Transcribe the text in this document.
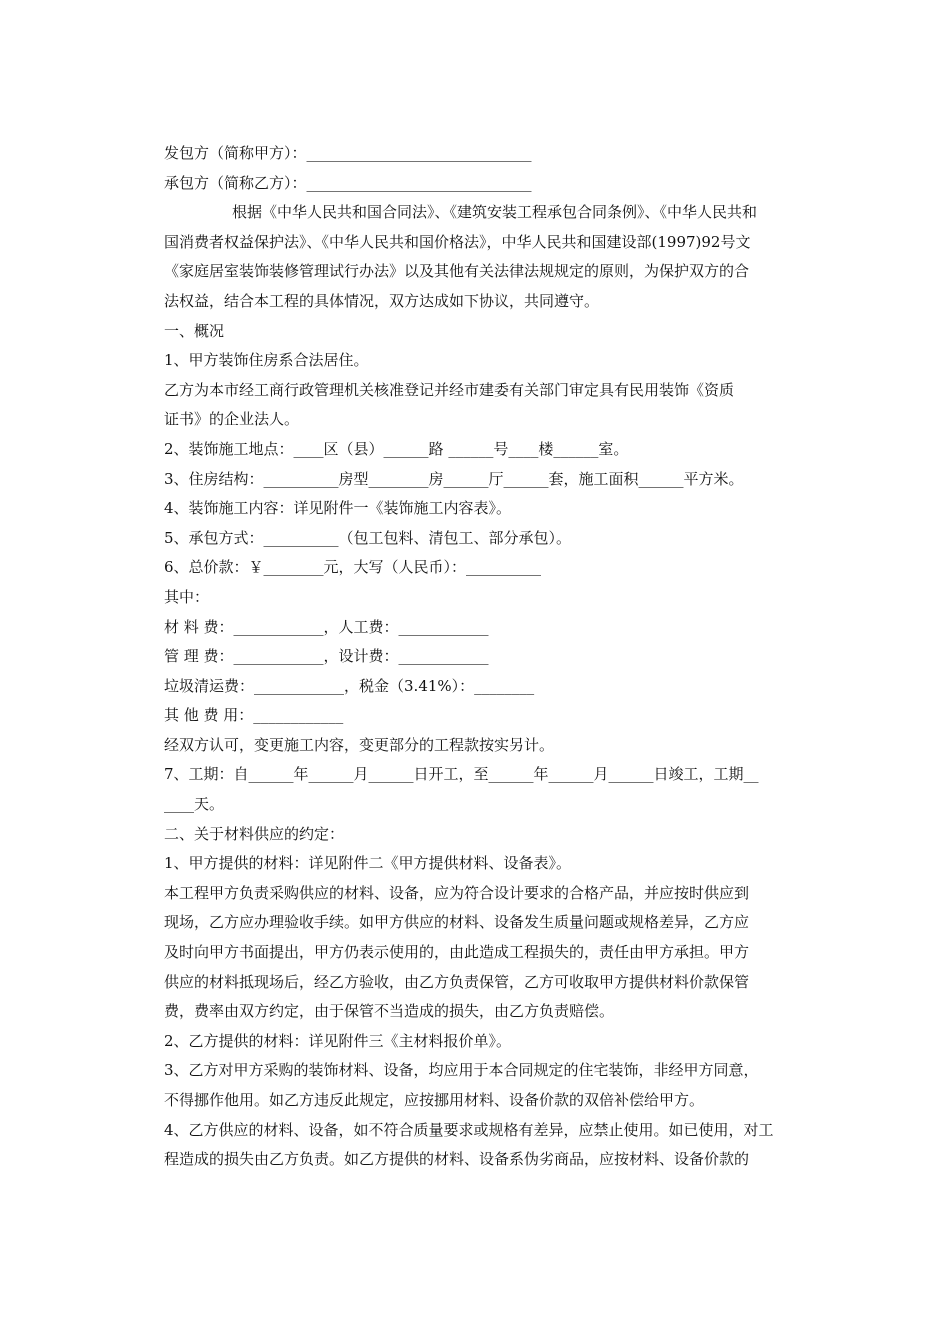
发包方（简称甲方）：______________________________
承包方（简称乙方）：______________________________
根据《中华人民共和国合同法》、《建筑安装工程承包合同条例》、《中华人民共和
国消费者权益保护法》、《中华人民共和国价格法》，中华人民共和国建设部(1997)92号文
《家庭居室装饰装修管理试行办法》以及其他有关法律法规规定的原则，为保护双方的合
法权益，结合本工程的具体情况，双方达成如下协议，共同遵守。
一、概况
1、甲方装饰住房系合法居住。
乙方为本市经工商行政管理机关核准登记并经市建委有关部门审定具有民用装饰《资质
证书》的企业法人。
2、装饰施工地点：____区（县）______路 ______号____楼______室。
3、住房结构：__________房型________房______厅______套，施工面积______平方米。
4、装饰施工内容：详见附件一《装饰施工内容表》。
5、承包方式：__________（包工包料、清包工、部分承包）。
6、总价款：￥________元，大写（人民币）：__________
其中：
材 料 费：____________，人工费：____________
管 理 费：____________，设计费：____________
垃圾清运费：____________，税金（3.41%）：________
其 他 费 用：____________
经双方认可，变更施工内容，变更部分的工程款按实另计。
7、工期：自______年______月______日开工，至______年______月______日竣工，工期__
____天。
二、关于材料供应的约定：
1、甲方提供的材料：详见附件二《甲方提供材料、设备表》。
本工程甲方负责采购供应的材料、设备，应为符合设计要求的合格产品，并应按时供应到
现场，乙方应办理验收手续。如甲方供应的材料、设备发生质量问题或规格差异，乙方应
及时向甲方书面提出，甲方仍表示使用的，由此造成工程损失的，责任由甲方承担。甲方
供应的材料抵现场后，经乙方验收，由乙方负责保管，乙方可收取甲方提供材料价款保管
费，费率由双方约定，由于保管不当造成的损失，由乙方负责赔偿。
2、乙方提供的材料：详见附件三《主材料报价单》。
3、乙方对甲方采购的装饰材料、设备，均应用于本合同规定的住宅装饰，非经甲方同意，
不得挪作他用。如乙方违反此规定，应按挪用材料、设备价款的双倍补偿给甲方。
4、乙方供应的材料、设备，如不符合质量要求或规格有差异，应禁止使用。如已使用，对工
程造成的损失由乙方负责。如乙方提供的材料、设备系伪劣商品，应按材料、设备价款的
